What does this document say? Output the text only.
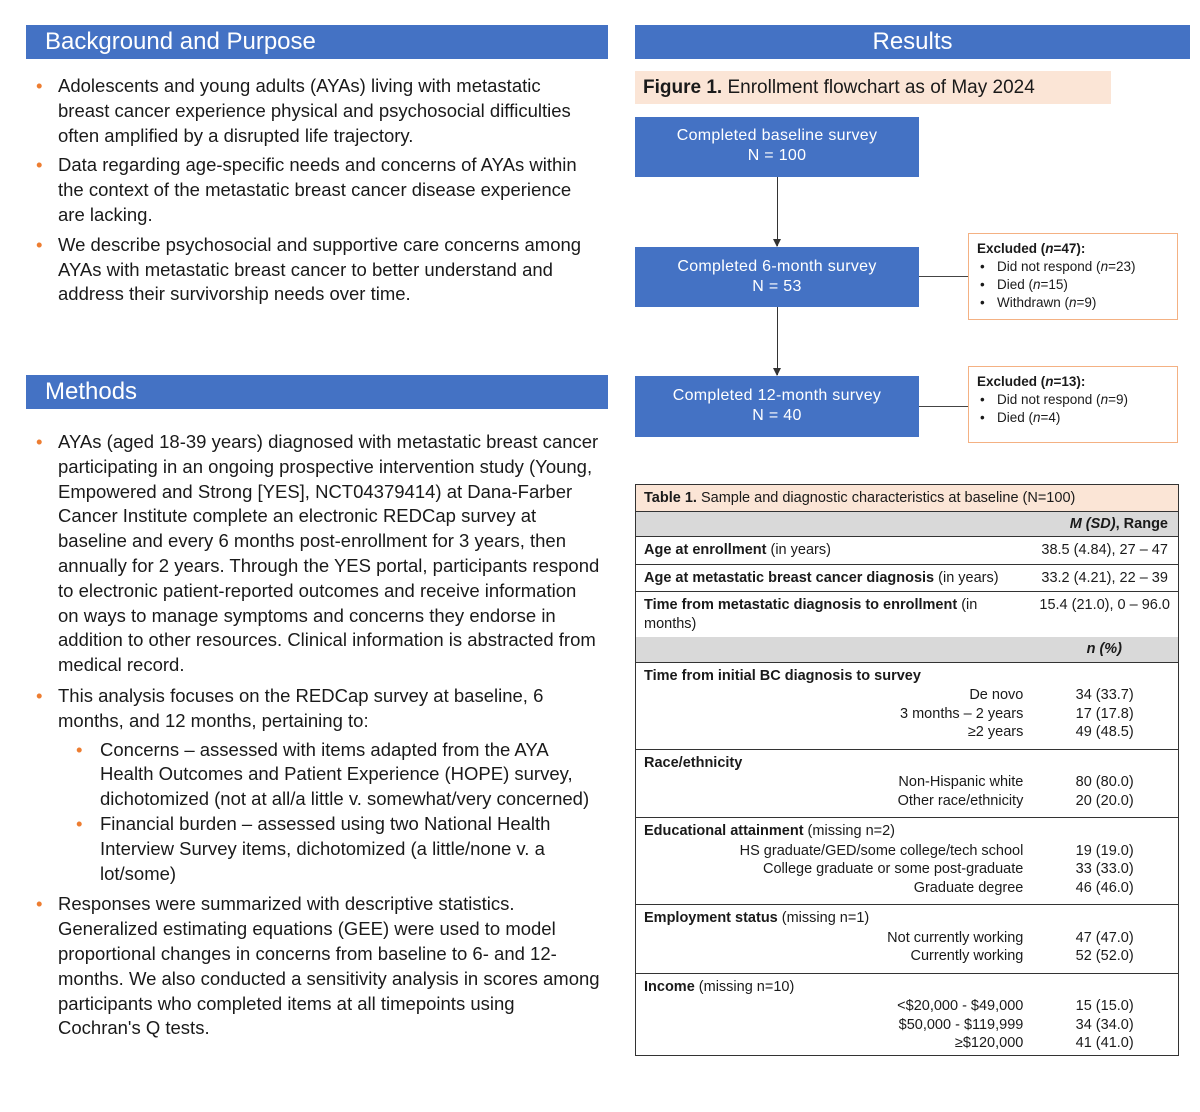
Background and Purpose
• Adolescents and young adults (AYAs) living with metastatic breast cancer experience physical and psychosocial difficulties often amplified by a disrupted life trajectory.
• Data regarding age-specific needs and concerns of AYAs within the context of the metastatic breast cancer disease experience are lacking.
• We describe psychosocial and supportive care concerns among AYAs with metastatic breast cancer to better understand and address their survivorship needs over time.
Methods
• AYAs (aged 18-39 years) diagnosed with metastatic breast cancer participating in an ongoing prospective intervention study (Young, Empowered and Strong [YES], NCT04379414) at Dana-Farber Cancer Institute complete an electronic REDCap survey at baseline and every 6 months post-enrollment for 3 years, then annually for 2 years. Through the YES portal, participants respond to electronic patient-reported outcomes and receive information on ways to manage symptoms and concerns they endorse in addition to other resources. Clinical information is abstracted from medical record.
• This analysis focuses on the REDCap survey at baseline, 6 months, and 12 months, pertaining to:
• Concerns – assessed with items adapted from the AYA Health Outcomes and Patient Experience (HOPE) survey, dichotomized (not at all/a little v. somewhat/very concerned)
• Financial burden – assessed using two National Health Interview Survey items, dichotomized (a little/none v. a lot/some)
• Responses were summarized with descriptive statistics. Generalized estimating equations (GEE) were used to model proportional changes in concerns from baseline to 6- and 12-months. We also conducted a sensitivity analysis in scores among participants who completed items at all timepoints using Cochran's Q tests.
Results
Figure 1. Enrollment flowchart as of May 2024
Completed baseline survey
N = 100
Completed 6-month survey
N = 53
Completed 12-month survey
N = 40
Excluded (n=47):
• Did not respond (n=23)
• Died (n=15)
• Withdrawn (n=9)
Excluded (n=13):
• Did not respond (n=9)
• Died (n=4)
Table 1. Sample and diagnostic characteristics at baseline (N=100)	
M (SD), Range	
Age at enrollment (in years)	38.5 (4.84), 27 – 47
Age at metastatic breast cancer diagnosis (in years)	33.2 (4.21), 22 – 39
Time from metastatic diagnosis to enrollment (in months)	15.4 (21.0), 0 – 96.0
n (%)	
Time from initial BC diagnosis to survey	
De novo	34 (33.7)
3 months – 2 years	17 (17.8)
≥2 years	49 (48.5)
Race/ethnicity	
Non-Hispanic white	80 (80.0)
Other race/ethnicity	20 (20.0)
Educational attainment (missing n=2)	
HS graduate/GED/some college/tech school	19 (19.0)
College graduate or some post-graduate	33 (33.0)
Graduate degree	46 (46.0)
Employment status (missing n=1)	
Not currently working	47 (47.0)
Currently working	52 (52.0)
Income (missing n=10)	
<$20,000 - $49,000	15 (15.0)
$50,000 - $119,999	34 (34.0)
≥$120,000	41 (41.0)
